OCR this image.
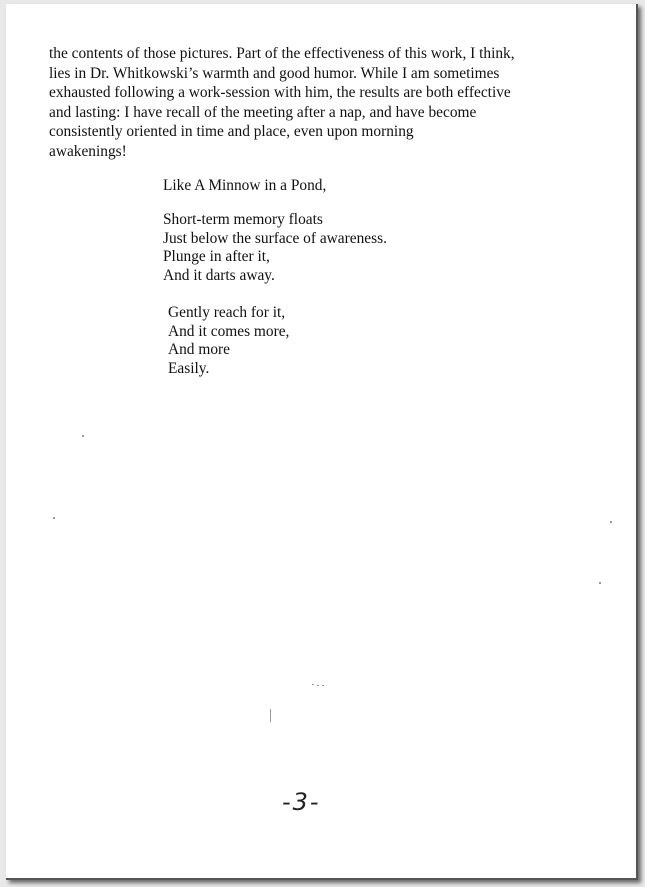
the contents of those pictures. Part of the effectiveness of this work, I think,
lies in Dr. Whitkowski’s warmth and good humor. While I am sometimes
exhausted following a work-session with him, the results are both effective
and lasting: I have recall of the meeting after a nap, and have become
consistently oriented in time and place, even upon morning
awakenings!
Like A Minnow in a Pond,
Short-term memory floats
Just below the surface of awareness.
Plunge in after it,
And it darts away.
Gently reach for it,
And it comes more,
And more
Easily.
-3-
